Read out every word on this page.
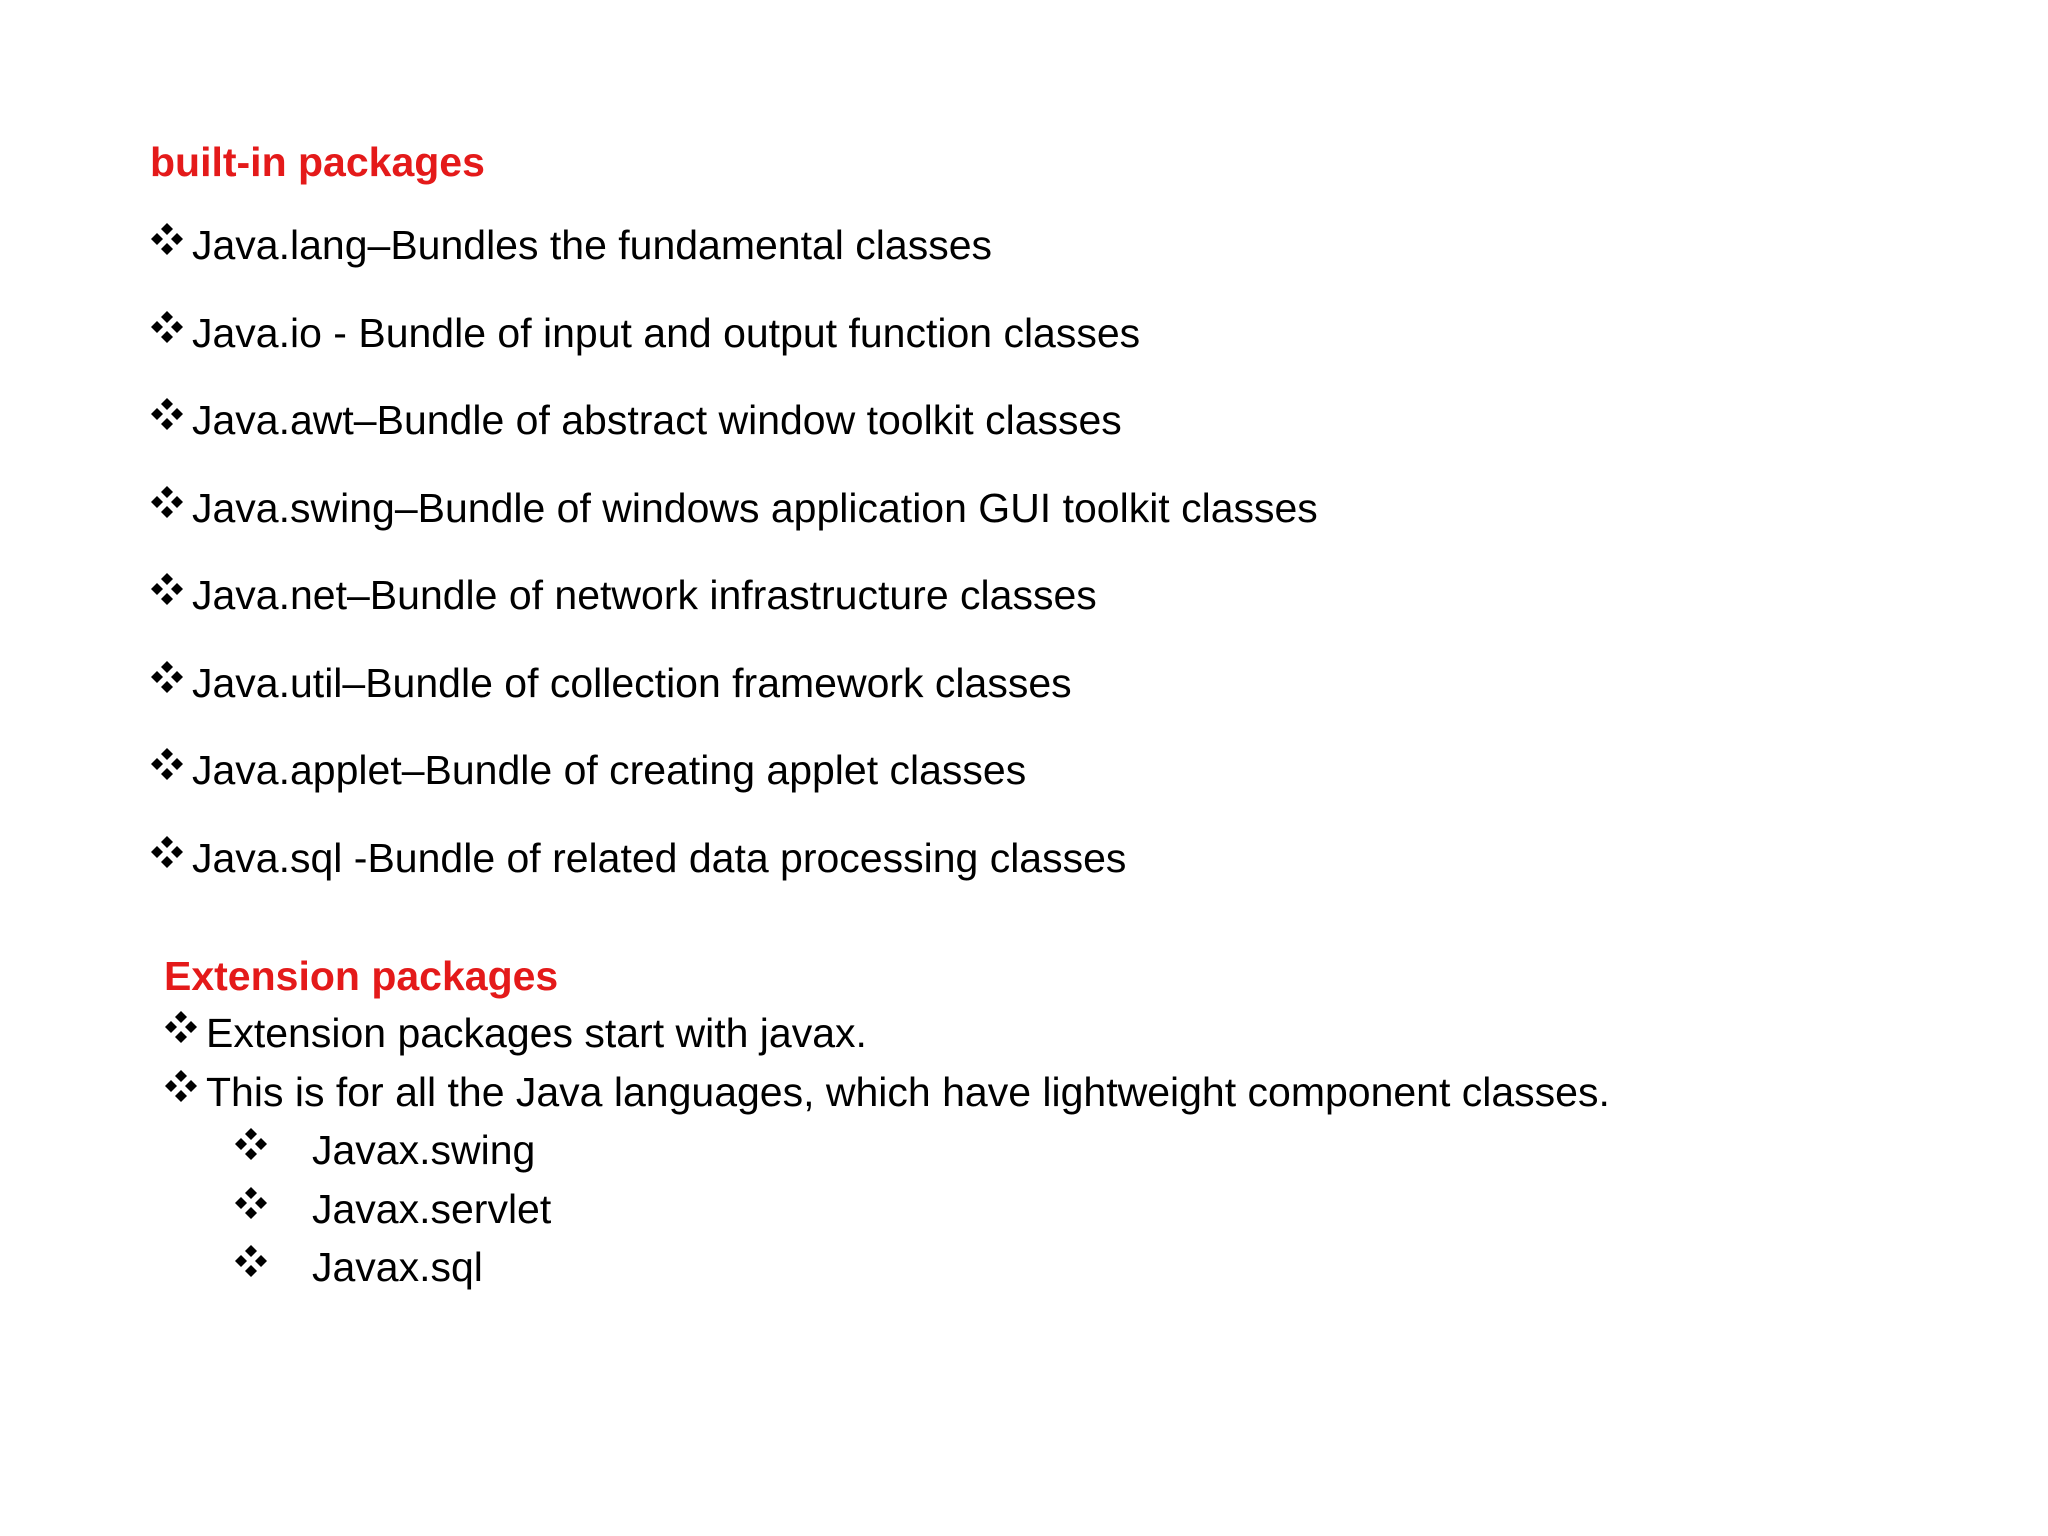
built-in packages
Java.lang–Bundles the fundamental classes
Java.io - Bundle of input and output function classes
Java.awt–Bundle of abstract window toolkit classes
Java.swing–Bundle of windows application GUI toolkit classes
Java.net–Bundle of network infrastructure classes
Java.util–Bundle of collection framework classes
Java.applet–Bundle of creating applet classes
Java.sql -Bundle of related data processing classes
Extension packages
Extension packages start with javax.
This is for all the Java languages, which have lightweight component classes.
Javax.swing
Javax.servlet
Javax.sql
